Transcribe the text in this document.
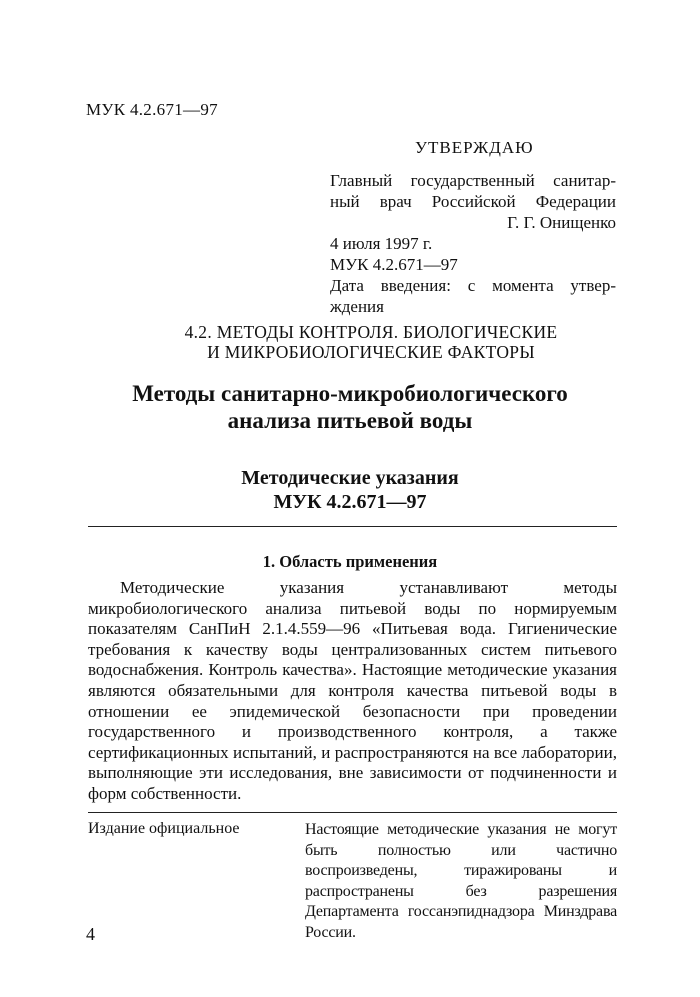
МУК 4.2.671—97
УТВЕРЖДАЮ
Главный государственный санитар-
ный врач Российской Федерации
Г. Г. Онищенко
4 июля 1997 г.
МУК 4.2.671—97
Дата введения: с момента утвер-
ждения
4.2. МЕТОДЫ КОНТРОЛЯ. БИОЛОГИЧЕСКИЕ
И МИКРОБИОЛОГИЧЕСКИЕ ФАКТОРЫ
Методы санитарно-микробиологического
анализа питьевой воды
Методические указания
МУК 4.2.671—97
1. Область применения

Методические указания устанавливают методы микробиологического анализа питьевой воды по нормируемым показателям СанПиН 2.1.4.559—96 «Питьевая вода. Гигиенические требования к качеству воды централизованных систем питьевого водоснабжения. Контроль качества». Настоящие методические указания являются обязательными для контроля качества питьевой воды в отношении ее эпидемической безопасности при проведении государственного и производственного контроля, а также сертификационных испытаний, и распространяются на все лаборатории, выполняющие эти исследования, вне зависимости от подчиненности и форм собственности.

Издание официальное	Настоящие методические указания не могут быть полностью или частично воспроизведены, тиражированы и распространены без разрешения Департамента госсанэпиднадзора Минздрава России.
4
